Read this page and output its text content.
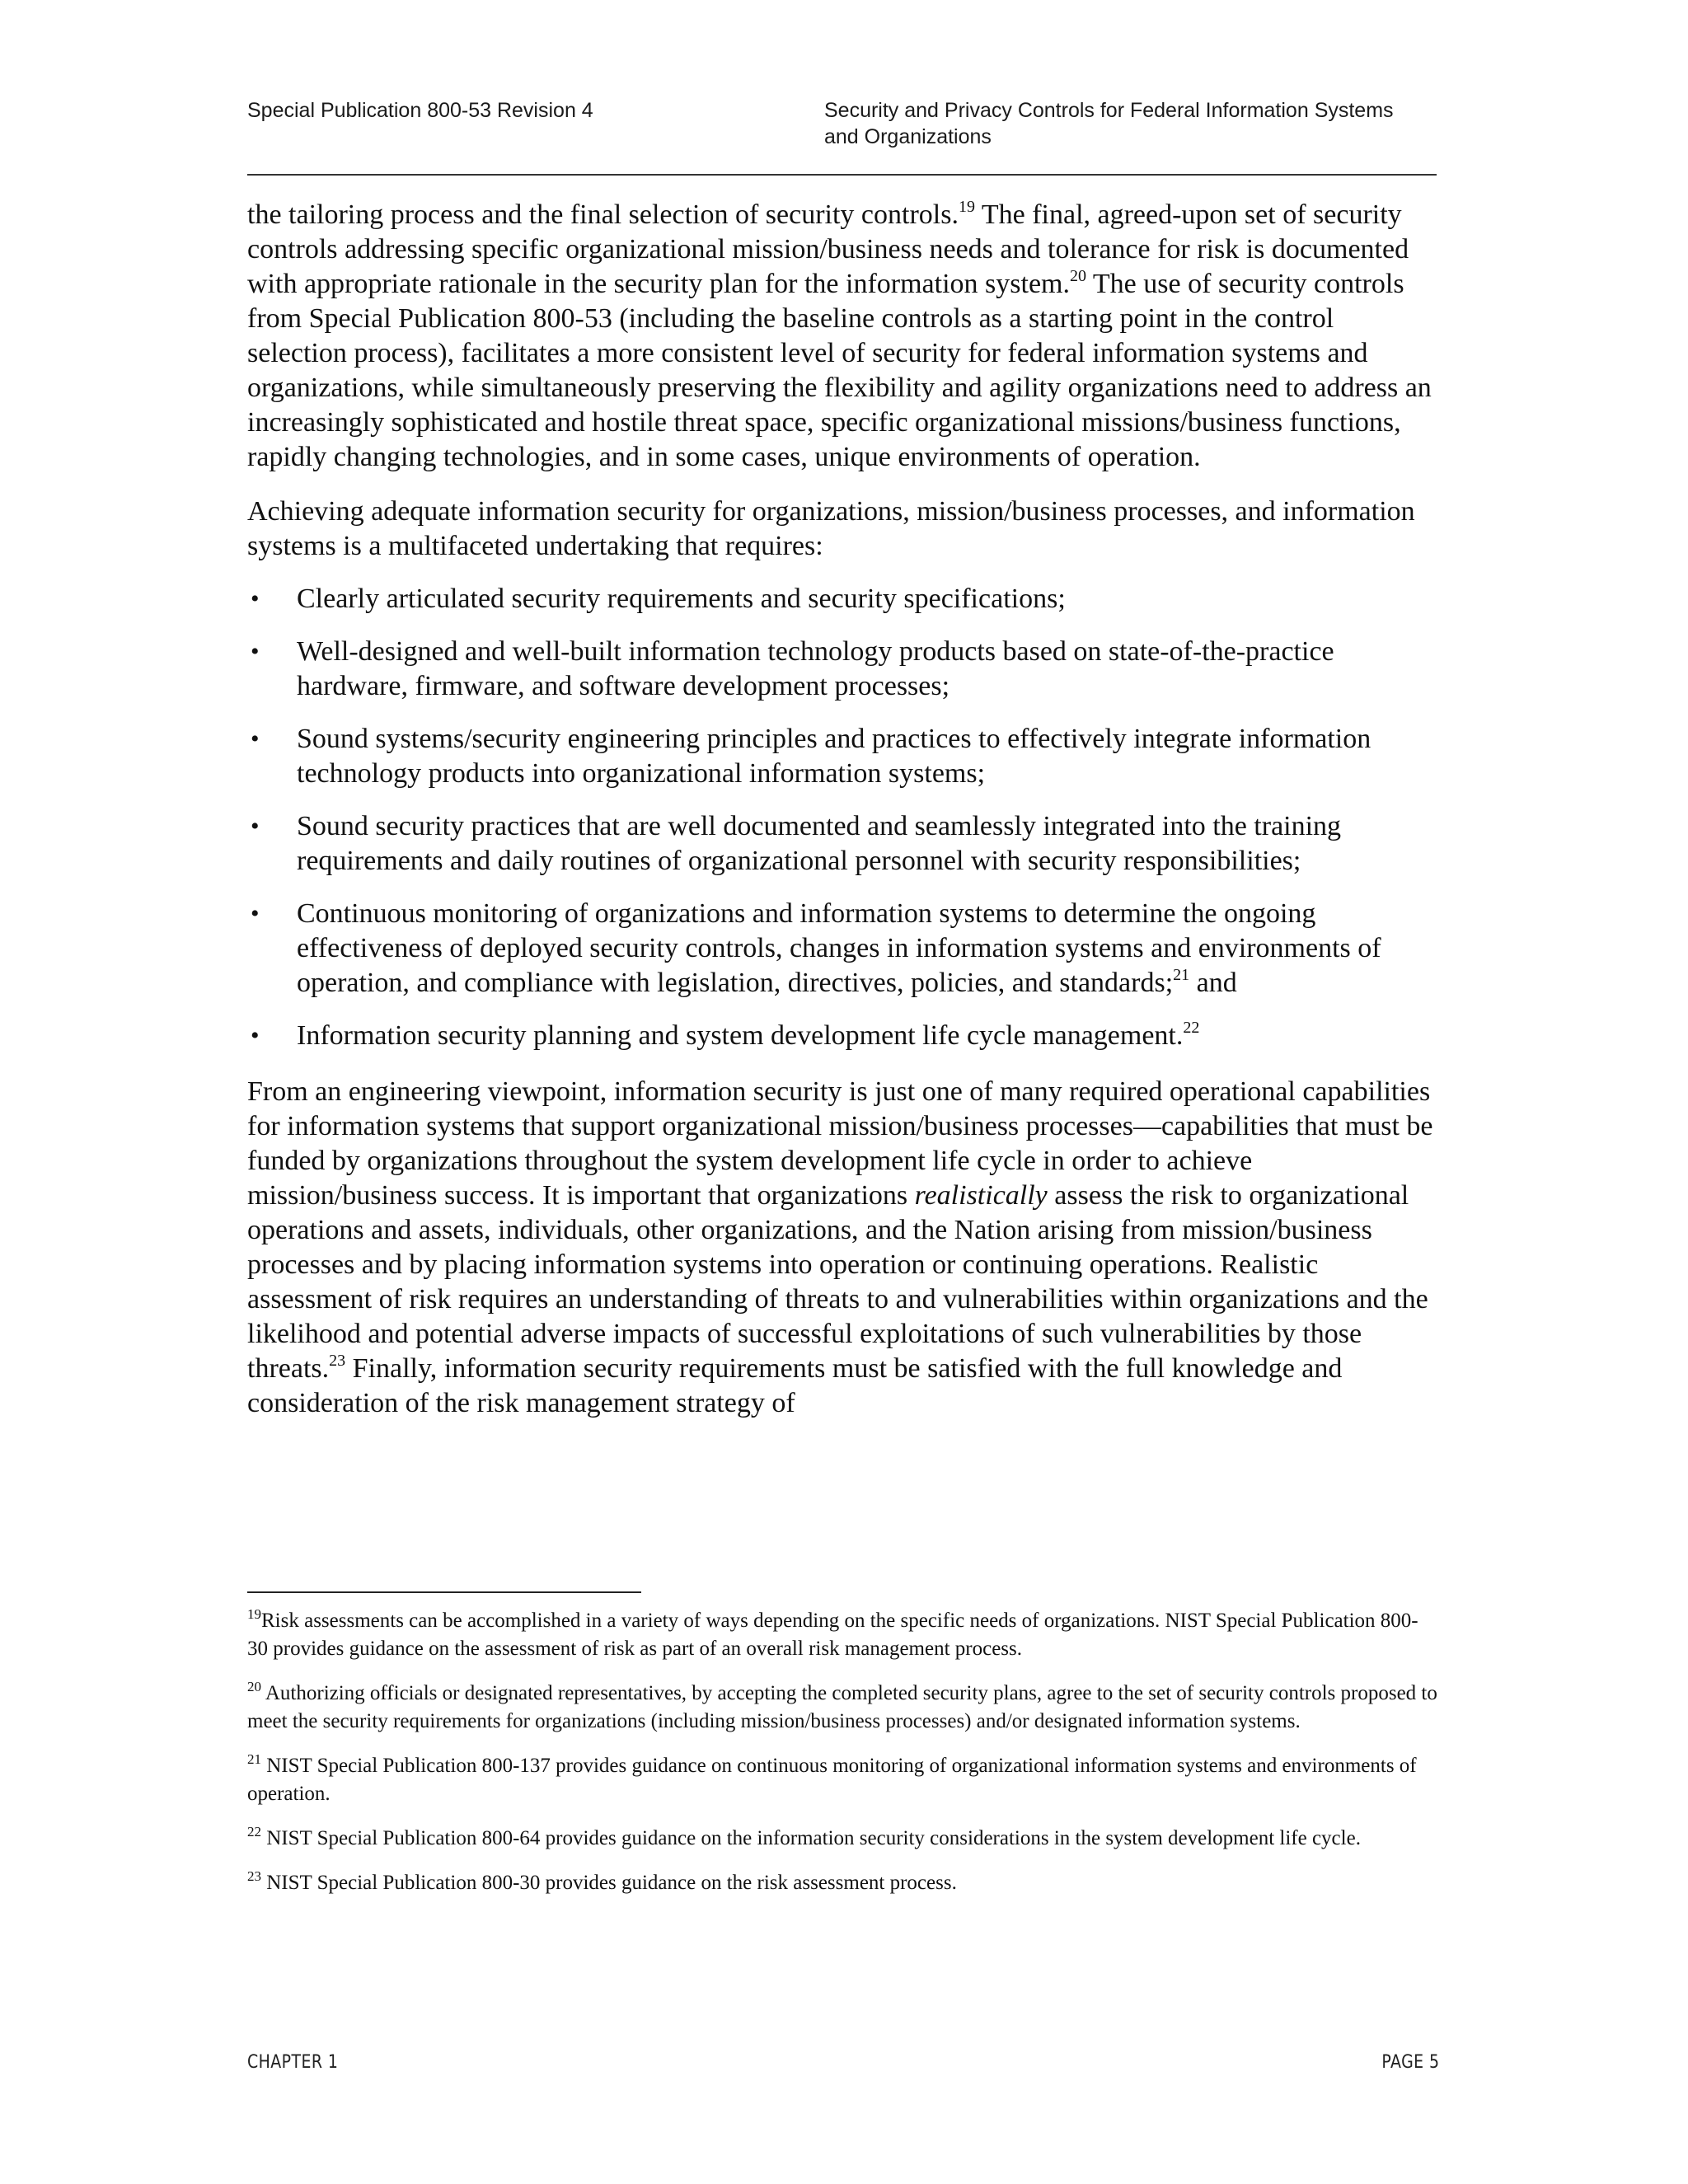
Special Publication 800-53 Revision 4	Security and Privacy Controls for Federal Information Systems
and Organizations

the tailoring process and the final selection of security controls.$^{19}$ The final, agreed-upon set of security controls addressing specific organizational mission/business needs and tolerance for risk is documented with appropriate rationale in the security plan for the information system.$^{20}$ The use of security controls from Special Publication 800-53 (including the baseline controls as a starting point in the control selection process), facilitates a more consistent level of security for federal information systems and organizations, while simultaneously preserving the flexibility and agility organizations need to address an increasingly sophisticated and hostile threat space, specific organizational missions/business functions, rapidly changing technologies, and in some cases, unique environments of operation.

Achieving adequate information security for organizations, mission/business processes, and information systems is a multifaceted undertaking that requires:

• Clearly articulated security requirements and security specifications;
• Well-designed and well-built information technology products based on state-of-the-practice hardware, firmware, and software development processes;
• Sound systems/security engineering principles and practices to effectively integrate information technology products into organizational information systems;
• Sound security practices that are well documented and seamlessly integrated into the training requirements and daily routines of organizational personnel with security responsibilities;
• Continuous monitoring of organizations and information systems to determine the ongoing effectiveness of deployed security controls, changes in information systems and environments of operation, and compliance with legislation, directives, policies, and standards;$^{21}$ and
• Information security planning and system development life cycle management.$^{22}$

From an engineering viewpoint, information security is just one of many required operational capabilities for information systems that support organizational mission/business processes—capabilities that must be funded by organizations throughout the system development life cycle in order to achieve mission/business success. It is important that organizations realistically assess the risk to organizational operations and assets, individuals, other organizations, and the Nation arising from mission/business processes and by placing information systems into operation or continuing operations. Realistic assessment of risk requires an understanding of threats to and vulnerabilities within organizations and the likelihood and potential adverse impacts of successful exploitations of such vulnerabilities by those threats.$^{23}$ Finally, information security requirements must be satisfied with the full knowledge and consideration of the risk management strategy of

$^{19}$Risk assessments can be accomplished in a variety of ways depending on the specific needs of organizations. NIST Special Publication 800-30 provides guidance on the assessment of risk as part of an overall risk management process.

$^{20}$ Authorizing officials or designated representatives, by accepting the completed security plans, agree to the set of security controls proposed to meet the security requirements for organizations (including mission/business processes) and/or designated information systems.

$^{21}$ NIST Special Publication 800-137 provides guidance on continuous monitoring of organizational information systems and environments of operation.

$^{22}$ NIST Special Publication 800-64 provides guidance on the information security considerations in the system development life cycle.

$^{23}$ NIST Special Publication 800-30 provides guidance on the risk assessment process.

CHAPTER 1	PAGE 5
